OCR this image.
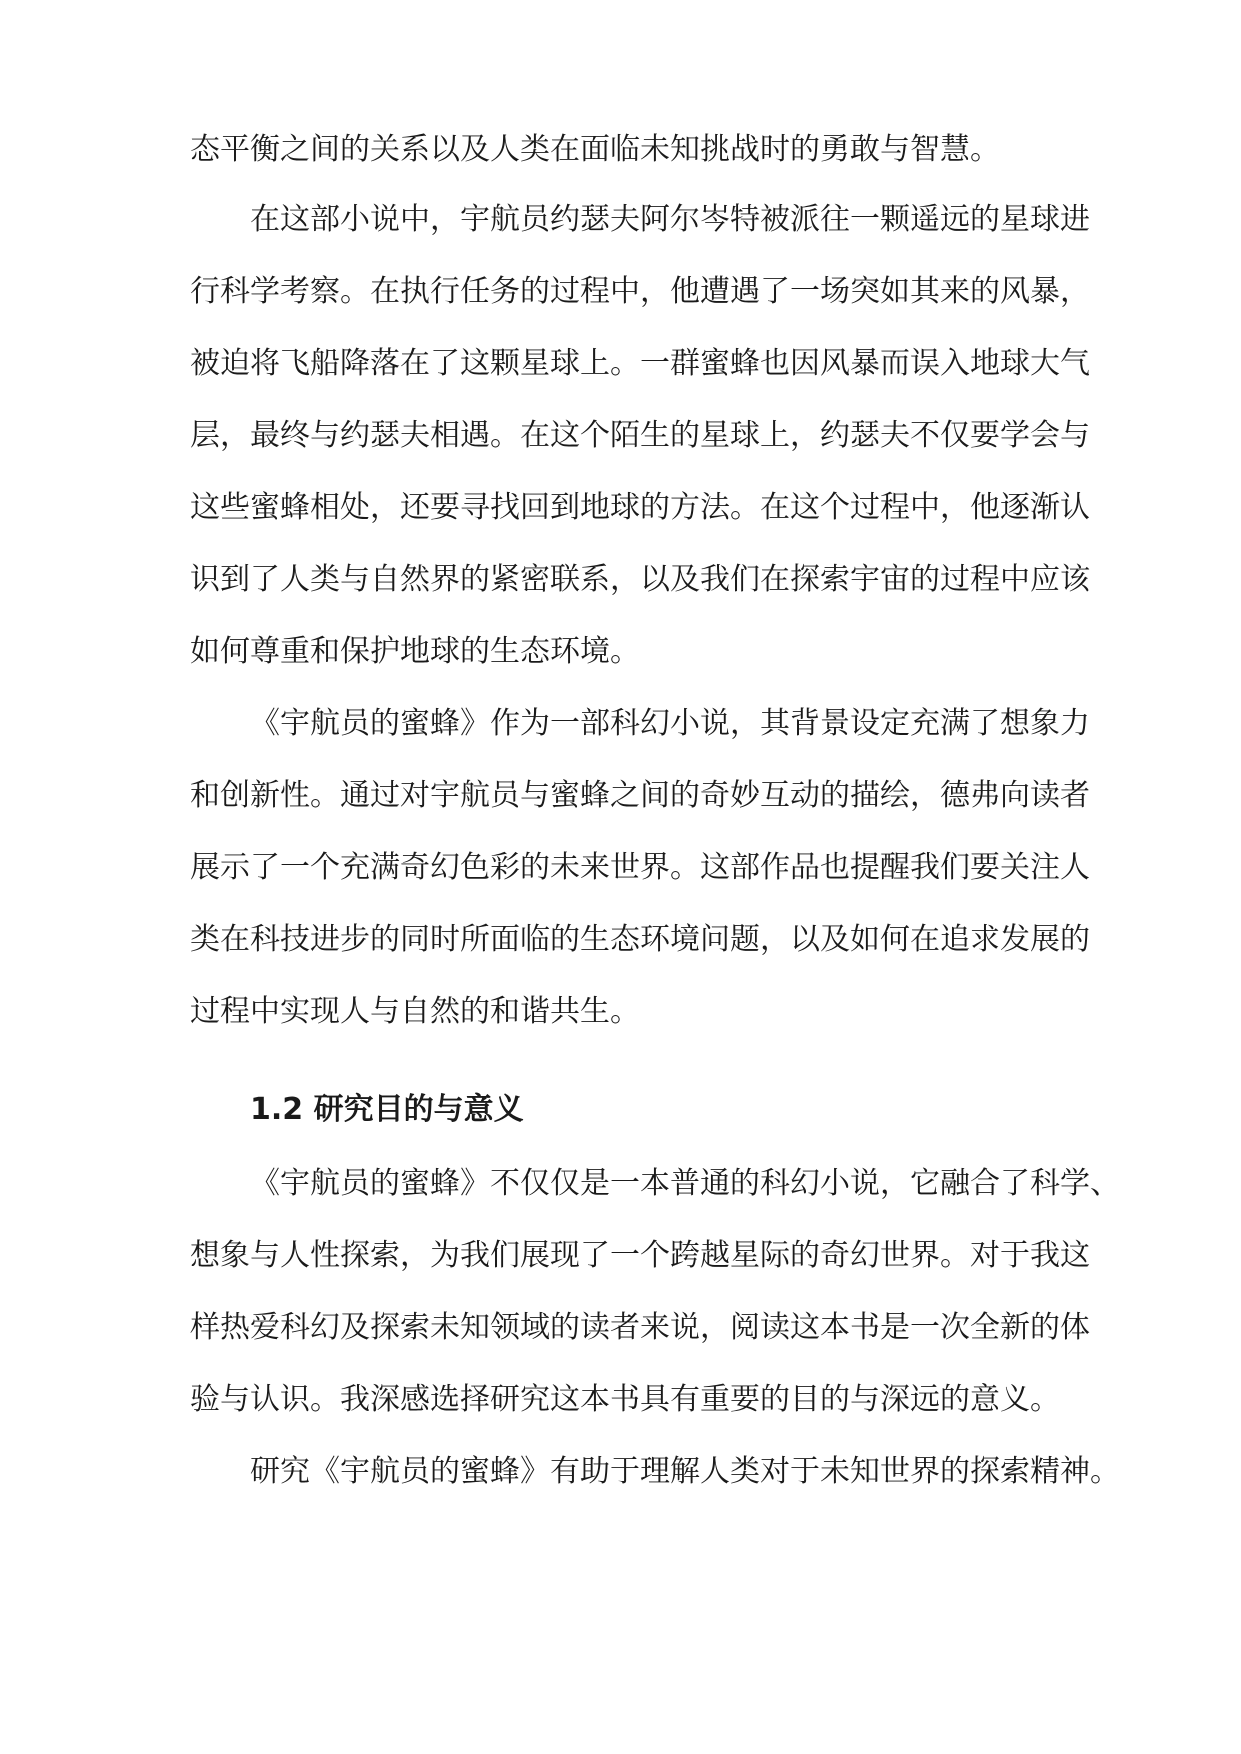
态平衡之间的关系以及人类在面临未知挑战时的勇敢与智慧。
在这部小说中，宇航员约瑟夫阿尔岑特被派往一颗遥远的星球进
行科学考察。在执行任务的过程中，他遭遇了一场突如其来的风暴，
被迫将飞船降落在了这颗星球上。一群蜜蜂也因风暴而误入地球大气
层，最终与约瑟夫相遇。在这个陌生的星球上，约瑟夫不仅要学会与
这些蜜蜂相处，还要寻找回到地球的方法。在这个过程中，他逐渐认
识到了人类与自然界的紧密联系，以及我们在探索宇宙的过程中应该
如何尊重和保护地球的生态环境。
《宇航员的蜜蜂》作为一部科幻小说，其背景设定充满了想象力
和创新性。通过对宇航员与蜜蜂之间的奇妙互动的描绘，德弗向读者
展示了一个充满奇幻色彩的未来世界。这部作品也提醒我们要关注人
类在科技进步的同时所面临的生态环境问题，以及如何在追求发展的
过程中实现人与自然的和谐共生。
1.2 研究目的与意义
《宇航员的蜜蜂》不仅仅是一本普通的科幻小说，它融合了科学、
想象与人性探索，为我们展现了一个跨越星际的奇幻世界。对于我这
样热爱科幻及探索未知领域的读者来说，阅读这本书是一次全新的体
验与认识。我深感选择研究这本书具有重要的目的与深远的意义。
研究《宇航员的蜜蜂》有助于理解人类对于未知世界的探索精神。
